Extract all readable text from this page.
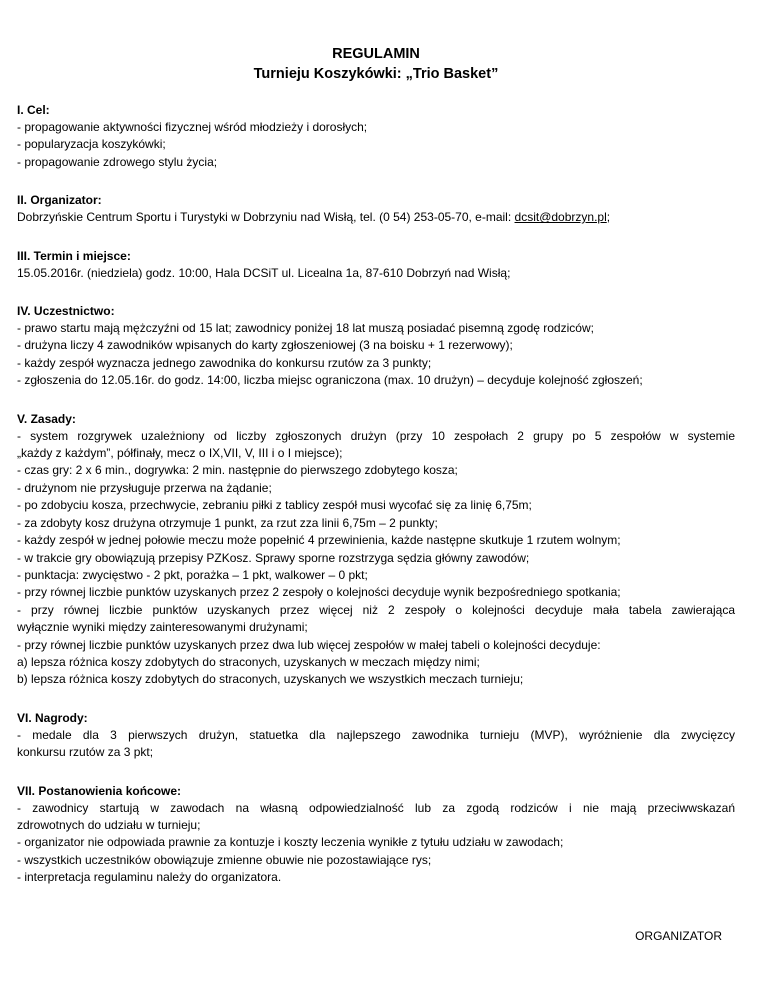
REGULAMIN
Turnieju Koszykówki: „Trio Basket”
I. Cel:
- propagowanie aktywności fizycznej wśród młodzieży i dorosłych;
- popularyzacja koszykówki;
- propagowanie zdrowego stylu życia;
II. Organizator:
Dobrzyńskie Centrum Sportu i Turystyki w Dobrzyniu nad Wisłą, tel. (0 54) 253-05-70, e-mail: dcsit@dobrzyn.pl;
III. Termin i miejsce:
15.05.2016r. (niedziela) godz. 10:00, Hala DCSiT ul. Licealna 1a, 87-610 Dobrzyń nad Wisłą;
IV. Uczestnictwo:
- prawo startu mają mężczyźni od 15 lat; zawodnicy poniżej 18 lat muszą posiadać pisemną zgodę rodziców;
- drużyna liczy 4 zawodników wpisanych do karty zgłoszeniowej (3 na boisku + 1 rezerwowy);
- każdy zespół wyznacza jednego zawodnika do konkursu rzutów za 3 punkty;
- zgłoszenia do 12.05.16r. do godz. 14:00, liczba miejsc ograniczona (max. 10 drużyn) – decyduje kolejność zgłoszeń;
V. Zasady:
- system rozgrywek uzależniony od liczby zgłoszonych drużyn (przy 10 zespołach 2 grupy po 5 zespołów w systemie
„każdy z każdym”, półfinały, mecz o IX,VII, V, III i o I miejsce);
- czas gry: 2 x 6 min., dogrywka: 2 min. następnie do pierwszego zdobytego kosza;
- drużynom nie przysługuje przerwa na żądanie;
- po zdobyciu kosza, przechwycie, zebraniu piłki z tablicy zespół musi wycofać się za linię 6,75m;
- za zdobyty kosz drużyna otrzymuje 1 punkt, za rzut zza linii 6,75m – 2 punkty;
- każdy zespół w jednej połowie meczu może popełnić 4 przewinienia, każde następne skutkuje 1 rzutem wolnym;
- w trakcie gry obowiązują przepisy PZKosz. Sprawy sporne rozstrzyga sędzia główny zawodów;
- punktacja: zwycięstwo - 2 pkt, porażka – 1 pkt, walkower – 0 pkt;
- przy równej liczbie punktów uzyskanych przez 2 zespoły o kolejności decyduje wynik bezpośredniego spotkania;
- przy równej liczbie punktów uzyskanych przez więcej niż 2 zespoły o kolejności decyduje mała tabela zawierająca
wyłącznie wyniki między zainteresowanymi drużynami;
- przy równej liczbie punktów uzyskanych przez dwa lub więcej zespołów w małej tabeli o kolejności decyduje:
a) lepsza różnica koszy zdobytych do straconych, uzyskanych w meczach między nimi;
b) lepsza różnica koszy zdobytych do straconych, uzyskanych we wszystkich meczach turnieju;
VI. Nagrody:
- medale dla 3 pierwszych drużyn, statuetka dla najlepszego zawodnika turnieju (MVP), wyróżnienie dla zwycięzcy
konkursu rzutów za 3 pkt;
VII. Postanowienia końcowe:
- zawodnicy startują w zawodach na własną odpowiedzialność lub za zgodą rodziców i nie mają przeciwwskazań
zdrowotnych do udziału w turnieju;
- organizator nie odpowiada prawnie za kontuzje i koszty leczenia wynikłe z tytułu udziału w zawodach;
- wszystkich uczestników obowiązuje zmienne obuwie nie pozostawiające rys;
- interpretacja regulaminu należy do organizatora.
ORGANIZATOR
